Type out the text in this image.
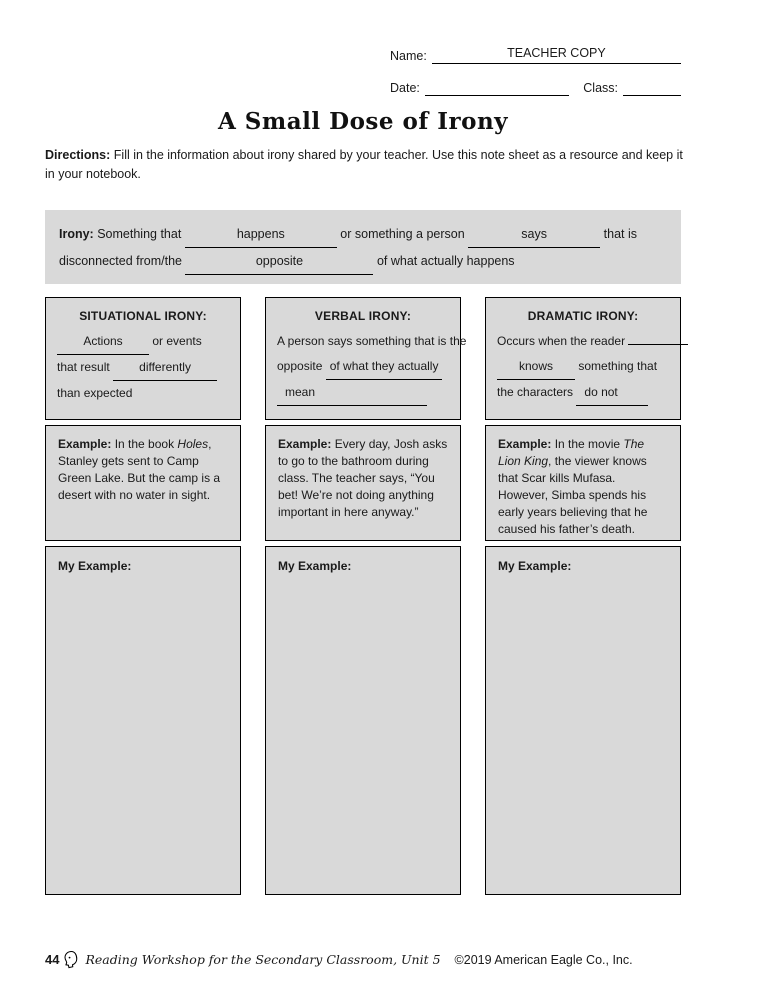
Name:	TEACHER COPY
Date:	Class:
A Small Dose of Irony

Directions: Fill in the information about irony shared by your teacher. Use this note sheet as a resource and keep it in your notebook.

Irony: Something that	happens	or something a person	says	that is
disconnected from/the	opposite	of what actually happens
SITUATIONAL IRONY:
Actions or events
that result differently
than expected
Example: In the book Holes, Stanley gets sent to Camp Green Lake. But the camp is a desert with no water in sight.
My Example:
VERBAL IRONY:
A person says something that is the
opposite of what they actually
mean
Example: Every day, Josh asks to go to the bathroom during class. The teacher says, “You bet! We’re not doing anything important in here anyway.”
My Example:
DRAMATIC IRONY:
Occurs when the reader
knows something that
the characters do not
Example: In the movie The Lion King, the viewer knows that Scar kills Mufasa. However, Simba spends his early years believing that he caused his father’s death.
My Example:
44 Reading Workshop for the Secondary Classroom, Unit 5 ©2019 American Eagle Co., Inc.
